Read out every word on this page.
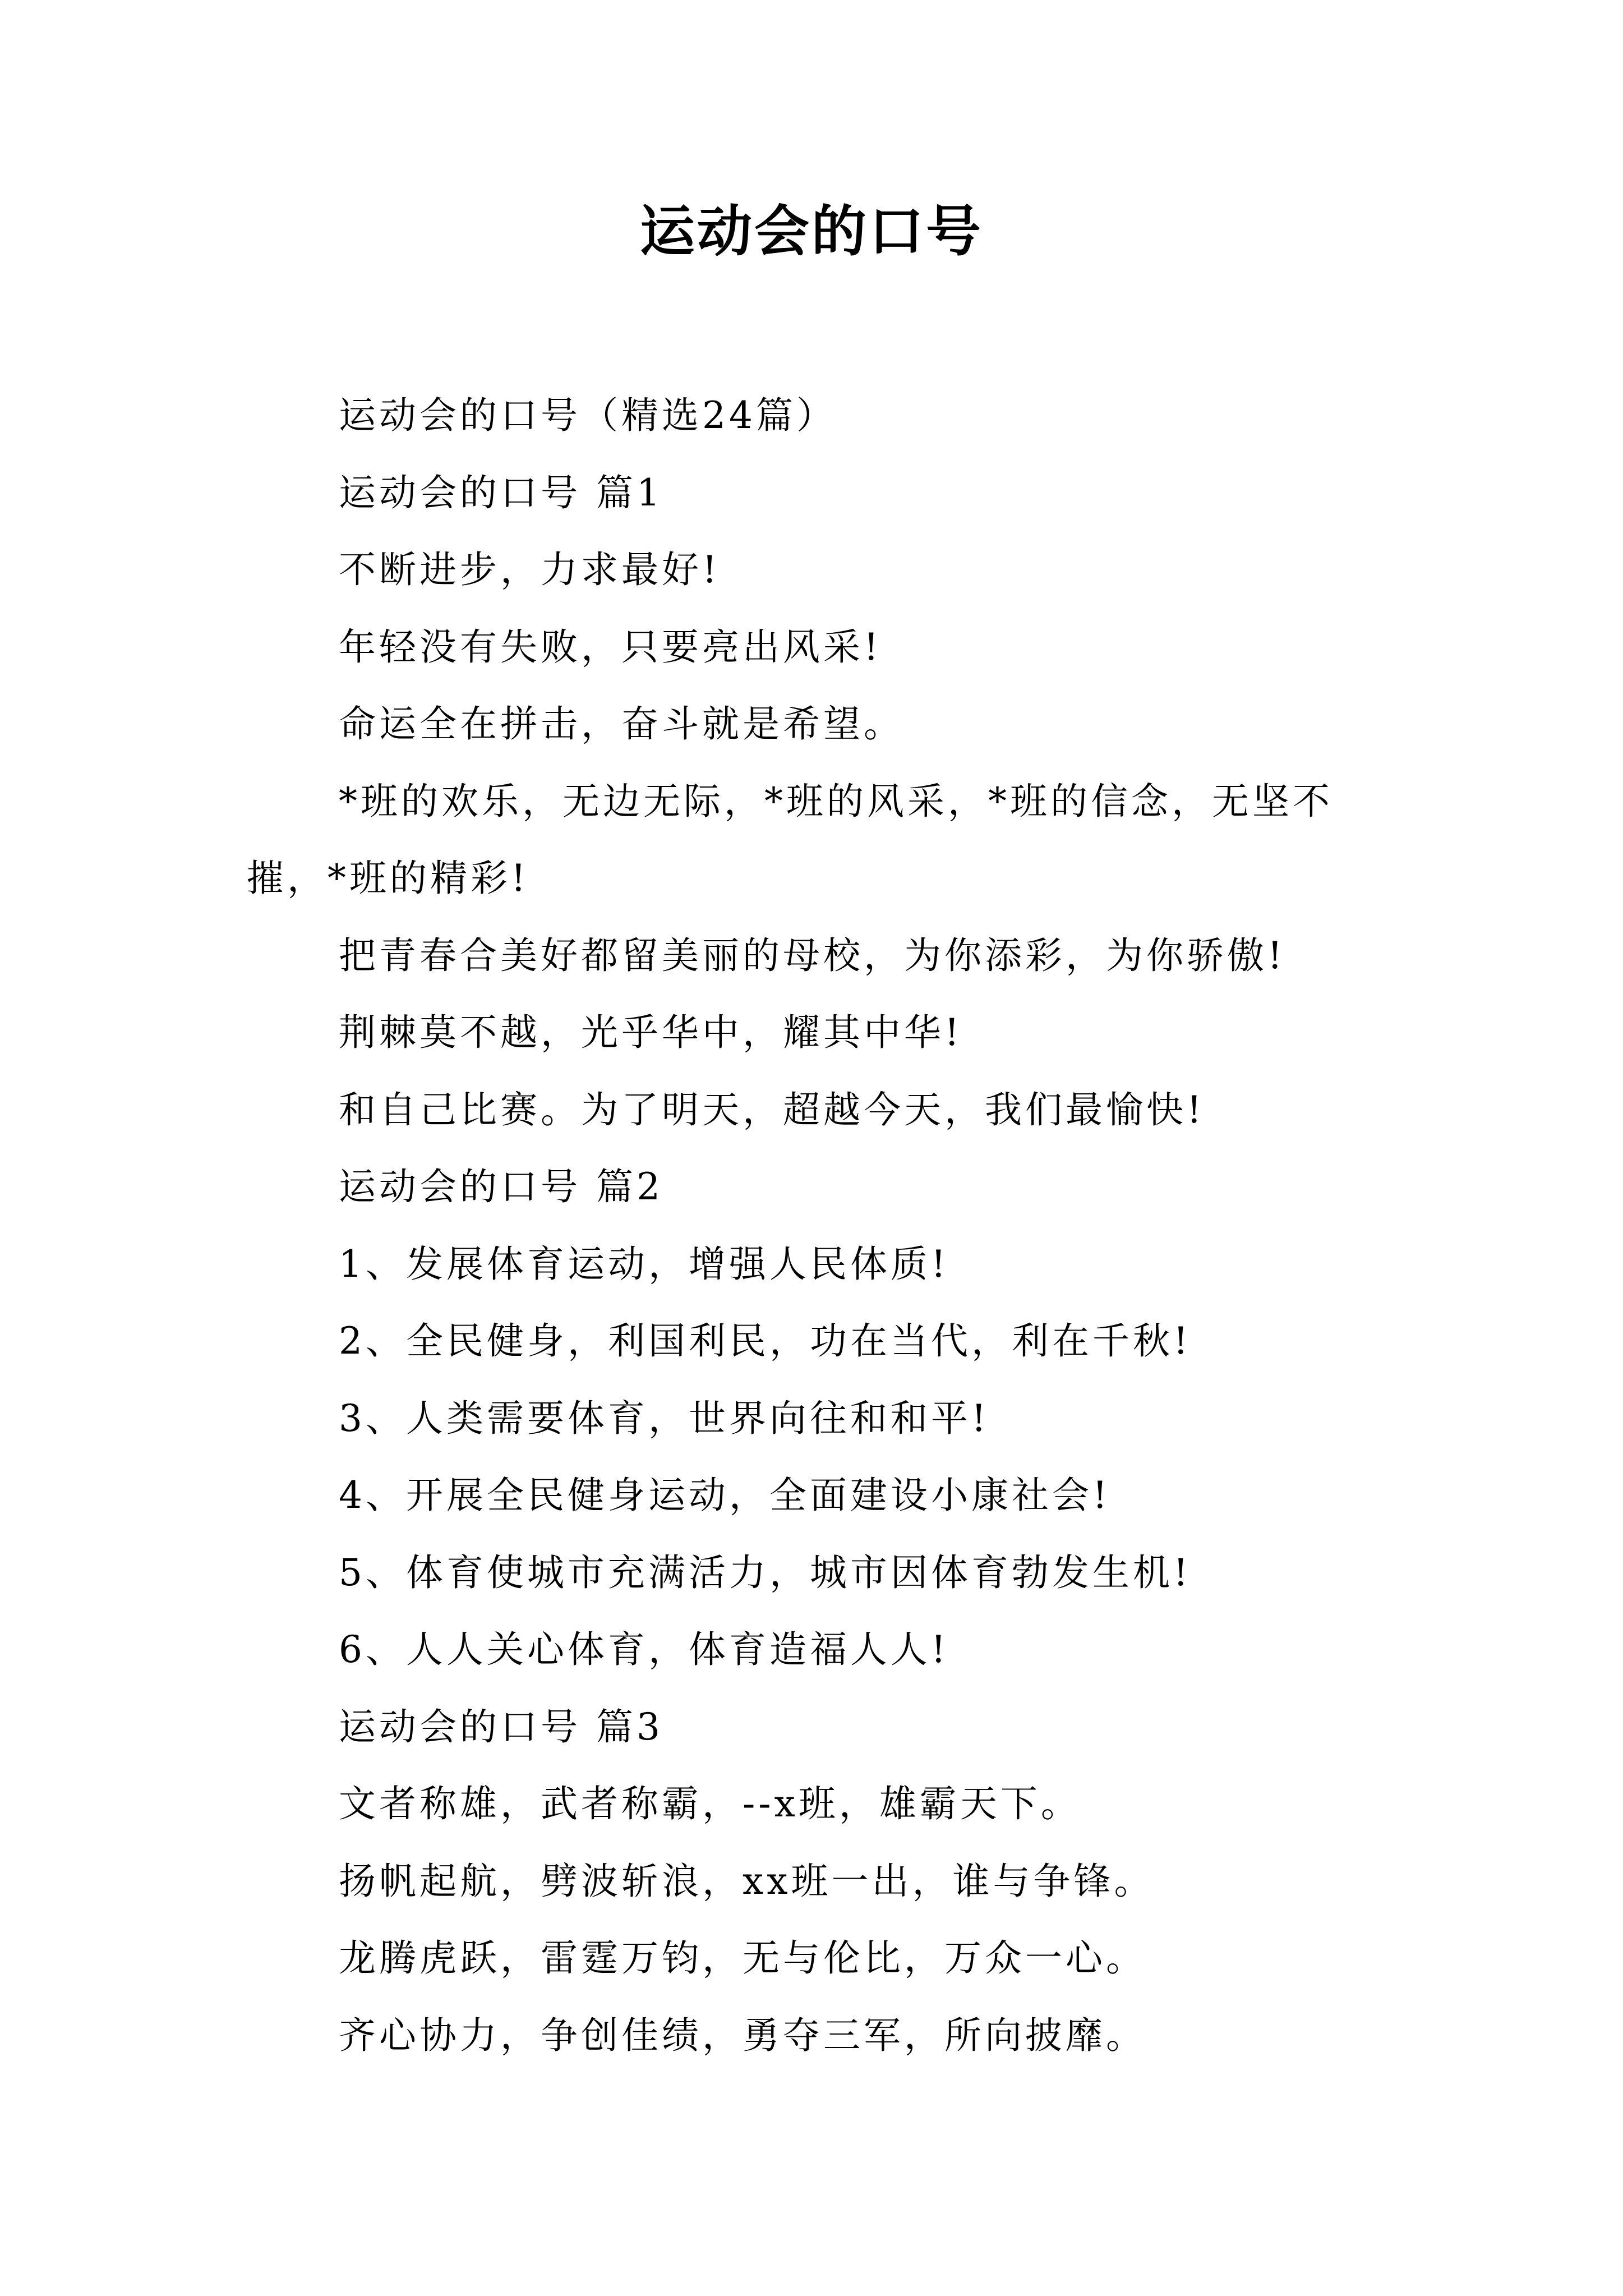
运动会的口号

运动会的口号（精选24篇）

运动会的口号 篇1

不断进步，力求最好!

年轻没有失败，只要亮出风采!

命运全在拼击，奋斗就是希望。

*班的欢乐，无边无际，*班的风采，*班的信念，无坚不摧，*班的精彩!

把青春合美好都留美丽的母校，为你添彩，为你骄傲!

荆棘莫不越，光乎华中，耀其中华!

和自己比赛。为了明天，超越今天，我们最愉快!

运动会的口号 篇2

1、发展体育运动，增强人民体质!

2、全民健身，利国利民，功在当代，利在千秋!

3、人类需要体育，世界向往和和平!

4、开展全民健身运动，全面建设小康社会!

5、体育使城市充满活力，城市因体育勃发生机!

6、人人关心体育，体育造福人人!

运动会的口号 篇3

文者称雄，武者称霸，--x班，雄霸天下。

扬帆起航，劈波斩浪，xx班一出，谁与争锋。

龙腾虎跃，雷霆万钧，无与伦比，万众一心。

齐心协力，争创佳绩，勇夺三军，所向披靡。
